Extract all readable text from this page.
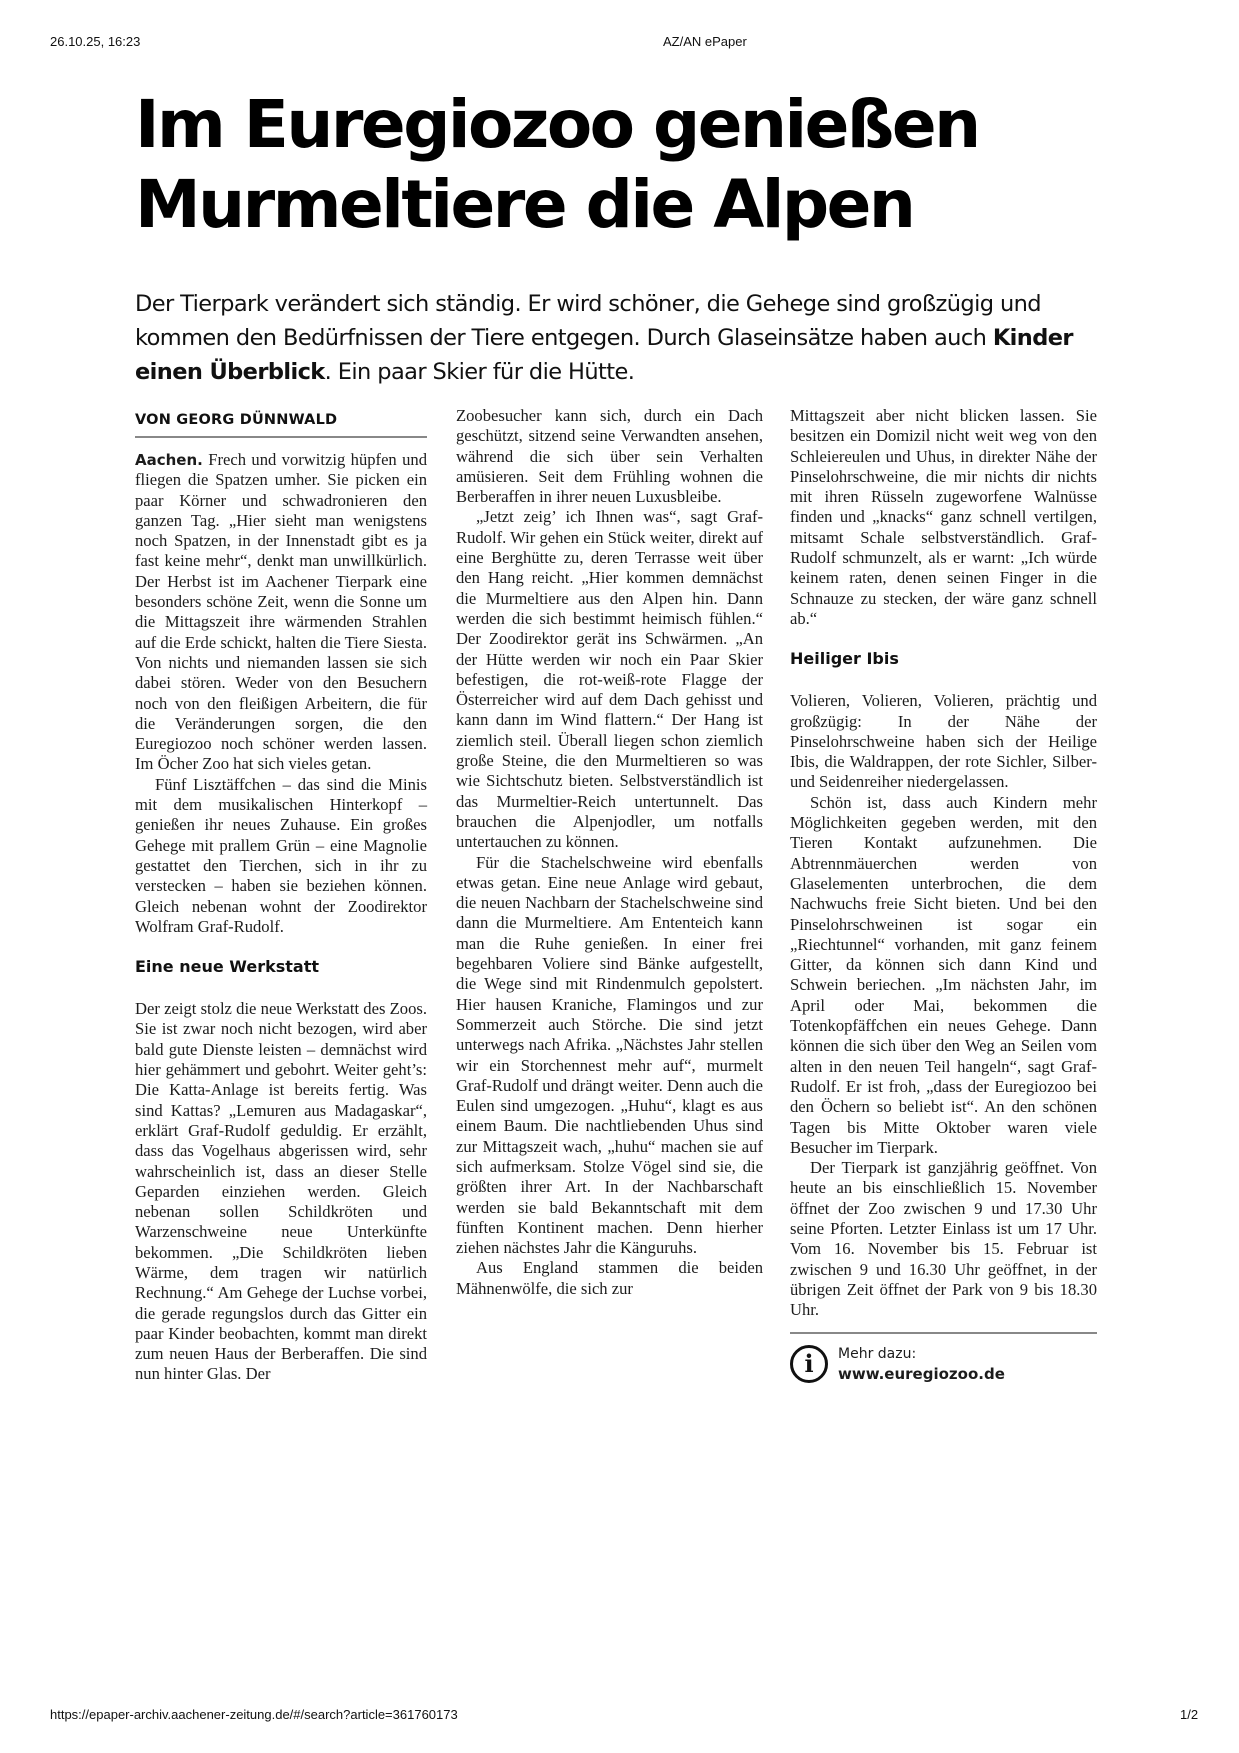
26.10.25, 16:23	AZ/AN ePaper
Im Euregiozoo genießen Murmeltiere die Alpen

Der Tierpark verändert sich ständig. Er wird schöner, die Gehege sind großzügig und kommen den Bedürfnissen der Tiere entgegen. Durch Glaseinsätze haben auch Kinder einen Überblick. Ein paar Skier für die Hütte.

VON GEORG DÜNNWALD

Aachen. Frech und vorwitzig hüpfen und fliegen die Spatzen umher. Sie picken ein paar Körner und schwadronieren den ganzen Tag. „Hier sieht man wenigstens noch Spatzen, in der Innenstadt gibt es ja fast keine mehr“, denkt man unwillkürlich. Der Herbst ist im Aachener Tierpark eine besonders schöne Zeit, wenn die Sonne um die Mittagszeit ihre wärmenden Strahlen auf die Erde schickt, halten die Tiere Siesta. Von nichts und niemanden lassen sie sich dabei stören. Weder von den Besuchern noch von den fleißigen Arbeitern, die für die Veränderungen sorgen, die den Euregiozoo noch schöner werden lassen. Im Öcher Zoo hat sich vieles getan.

Fünf Lisztäffchen – das sind die Minis mit dem musikalischen Hinterkopf – genießen ihr neues Zuhause. Ein großes Gehege mit prallem Grün – eine Magnolie gestattet den Tierchen, sich in ihr zu verstecken – haben sie beziehen können. Gleich nebenan wohnt der Zoodirektor Wolfram Graf-Rudolf.

Eine neue Werkstatt

Der zeigt stolz die neue Werkstatt des Zoos. Sie ist zwar noch nicht bezogen, wird aber bald gute Dienste leisten – demnächst wird hier gehämmert und gebohrt. Weiter geht’s: Die Katta-Anlage ist bereits fertig. Was sind Kattas? „Lemuren aus Madagaskar“, erklärt Graf-Rudolf geduldig. Er erzählt, dass das Vogelhaus abgerissen wird, sehr wahrscheinlich ist, dass an dieser Stelle Geparden einziehen werden. Gleich nebenan sollen Schildkröten und Warzenschweine neue Unterkünfte bekommen. „Die Schildkröten lieben Wärme, dem tragen wir natürlich Rechnung.“ Am Gehege der Luchse vorbei, die gerade regungslos durch das Gitter ein paar Kinder beobachten, kommt man direkt zum neuen Haus der Berberaffen. Die sind nun hinter Glas. Der

Zoobesucher kann sich, durch ein Dach geschützt, sitzend seine Verwandten ansehen, während die sich über sein Verhalten amüsieren. Seit dem Frühling wohnen die Berberaffen in ihrer neuen Luxusbleibe.

„Jetzt zeig’ ich Ihnen was“, sagt Graf-Rudolf. Wir gehen ein Stück weiter, direkt auf eine Berghütte zu, deren Terrasse weit über den Hang reicht. „Hier kommen demnächst die Murmeltiere aus den Alpen hin. Dann werden die sich bestimmt heimisch fühlen.“ Der Zoodirektor gerät ins Schwärmen. „An der Hütte werden wir noch ein Paar Skier befestigen, die rot-weiß-rote Flagge der Österreicher wird auf dem Dach gehisst und kann dann im Wind flattern.“ Der Hang ist ziemlich steil. Überall liegen schon ziemlich große Steine, die den Murmeltieren so was wie Sichtschutz bieten. Selbstverständlich ist das Murmeltier-Reich untertunnelt. Das brauchen die Alpenjodler, um notfalls untertauchen zu können.

Für die Stachelschweine wird ebenfalls etwas getan. Eine neue Anlage wird gebaut, die neuen Nachbarn der Stachelschweine sind dann die Murmeltiere. Am Ententeich kann man die Ruhe genießen. In einer frei begehbaren Voliere sind Bänke aufgestellt, die Wege sind mit Rindenmulch gepolstert. Hier hausen Kraniche, Flamingos und zur Sommerzeit auch Störche. Die sind jetzt unterwegs nach Afrika. „Nächstes Jahr stellen wir ein Storchennest mehr auf“, murmelt Graf-Rudolf und drängt weiter. Denn auch die Eulen sind umgezogen. „Huhu“, klagt es aus einem Baum. Die nachtliebenden Uhus sind zur Mittagszeit wach, „huhu“ machen sie auf sich aufmerksam. Stolze Vögel sind sie, die größten ihrer Art. In der Nachbarschaft werden sie bald Bekanntschaft mit dem fünften Kontinent machen. Denn hierher ziehen nächstes Jahr die Känguruhs.

Aus England stammen die beiden Mähnenwölfe, die sich zur

Mittagszeit aber nicht blicken lassen. Sie besitzen ein Domizil nicht weit weg von den Schleiereulen und Uhus, in direkter Nähe der Pinselohrschweine, die mir nichts dir nichts mit ihren Rüsseln zugeworfene Walnüsse finden und „knacks“ ganz schnell vertilgen, mitsamt Schale selbstverständlich. Graf-Rudolf schmunzelt, als er warnt: „Ich würde keinem raten, denen seinen Finger in die Schnauze zu stecken, der wäre ganz schnell ab.“

Heiliger Ibis

Volieren, Volieren, Volieren, prächtig und großzügig: In der Nähe der Pinselohrschweine haben sich der Heilige Ibis, die Waldrappen, der rote Sichler, Silber- und Seidenreiher niedergelassen.

Schön ist, dass auch Kindern mehr Möglichkeiten gegeben werden, mit den Tieren Kontakt aufzunehmen. Die Abtrennmäuerchen werden von Glaselementen unterbrochen, die dem Nachwuchs freie Sicht bieten. Und bei den Pinselohrschweinen ist sogar ein „Riechtunnel“ vorhanden, mit ganz feinem Gitter, da können sich dann Kind und Schwein beriechen. „Im nächsten Jahr, im April oder Mai, bekommen die Totenkopfäffchen ein neues Gehege. Dann können die sich über den Weg an Seilen vom alten in den neuen Teil hangeln“, sagt Graf-Rudolf. Er ist froh, „dass der Euregiozoo bei den Öchern so beliebt ist“. An den schönen Tagen bis Mitte Oktober waren viele Besucher im Tierpark.

Der Tierpark ist ganzjährig geöffnet. Von heute an bis einschließlich 15. November öffnet der Zoo zwischen 9 und 17.30 Uhr seine Pforten. Letzter Einlass ist um 17 Uhr. Vom 16. November bis 15. Februar ist zwischen 9 und 16.30 Uhr geöffnet, in der übrigen Zeit öffnet der Park von 9 bis 18.30 Uhr.

i	Mehr dazu:
www.euregiozoo.de
https://epaper-archiv.aachener-zeitung.de/#/search?article=361760173	1/2
